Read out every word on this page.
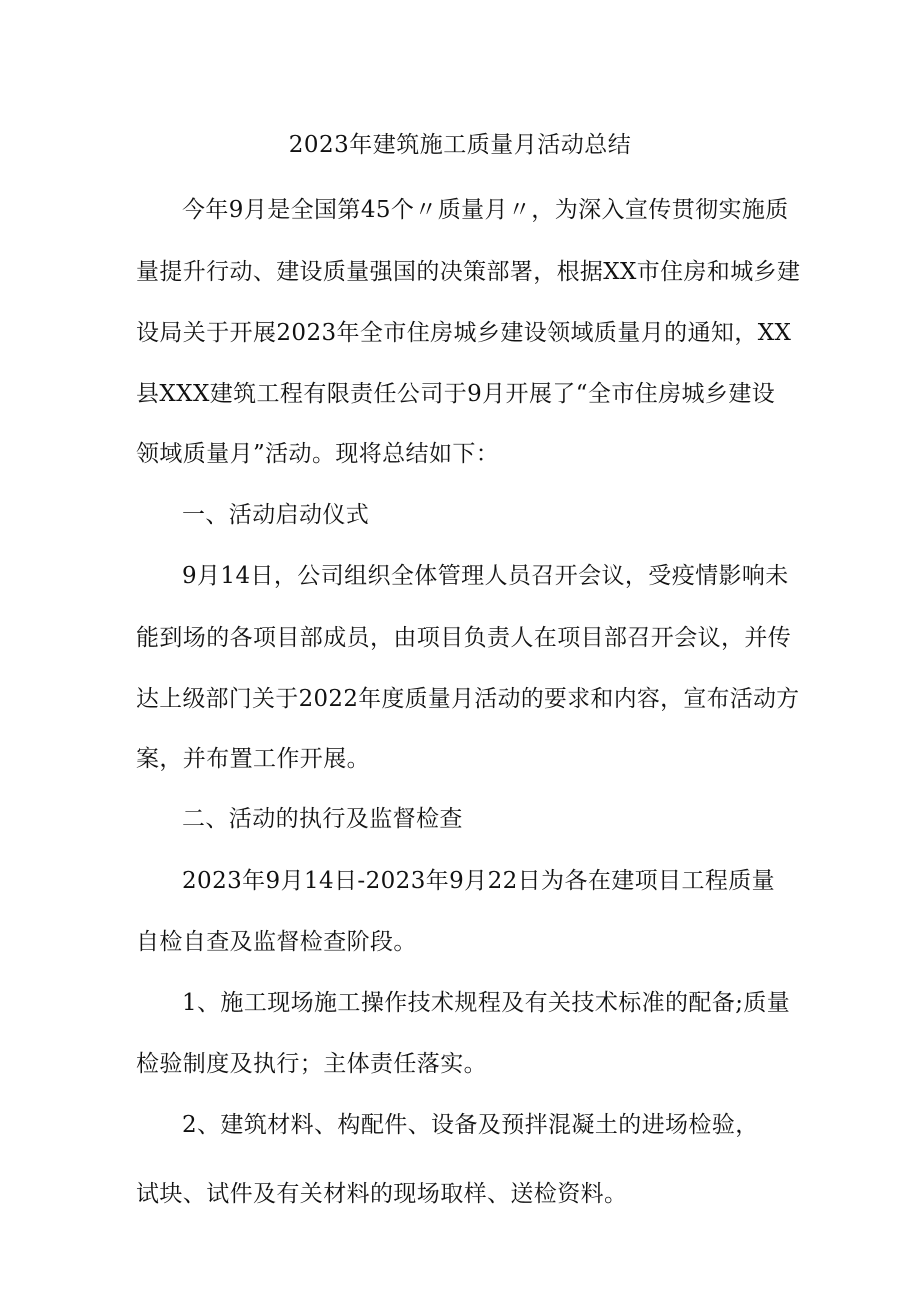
2023年建筑施工质量月活动总结
今年9月是全国第45个〃质量月〃，为深入宣传贯彻实施质
量提升行动、建设质量强国的决策部署，根据XX市住房和城乡建
设局关于开展2023年全市住房城乡建设领域质量月的通知，XX
县XXX建筑工程有限责任公司于9月开展了“全市住房城乡建设
领域质量月”活动。现将总结如下：
一、活动启动仪式
9月14日，公司组织全体管理人员召开会议，受疫情影响未
能到场的各项目部成员，由项目负责人在项目部召开会议，并传
达上级部门关于2022年度质量月活动的要求和内容，宣布活动方
案，并布置工作开展。
二、活动的执行及监督检查
2023年9月14日-2023年9月22日为各在建项目工程质量
自检自查及监督检查阶段。
1、施工现场施工操作技术规程及有关技术标准的配备;质量
检验制度及执行；主体责任落实。
2、建筑材料、构配件、设备及预拌混凝土的进场检验，
试块、试件及有关材料的现场取样、送检资料。
